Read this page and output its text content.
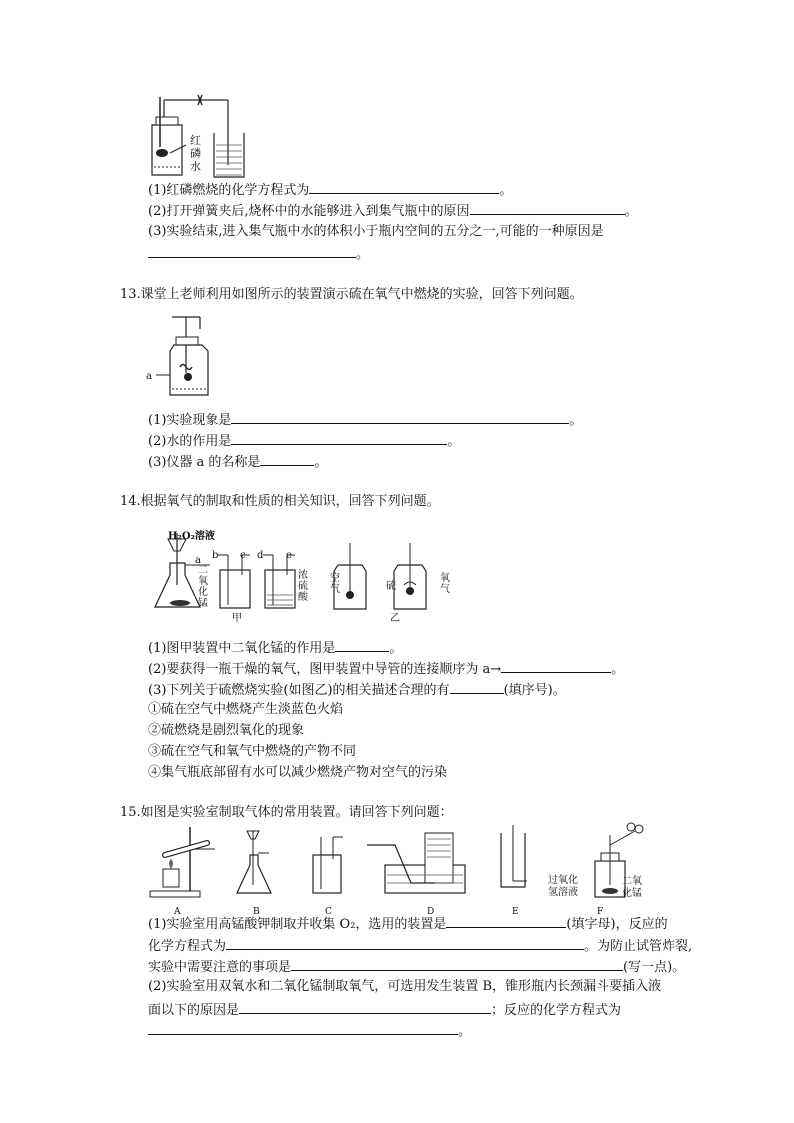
红
磷
水
(1)红磷燃烧的化学方程式为	。
(2)打开弹簧夹后,烧杯中的水能够进入到集气瓶中的原因	。
(3)实验结束,进入集气瓶中水的体积小于瓶内空间的五分之一,可能的一种原因是
。
13.课堂上老师利用如图所示的装置演示硫在氧气中燃烧的实验，回答下列问题。
a
(1)实验现象是	。
(2)水的作用是	。
(3)仪器 a 的名称是	。
14.根据氧气的制取和性质的相关知识，回答下列问题。
H₂O₂溶液
a b c d e
二
氧
化
锰
浓
硫
酸
空
气	硫
氧
气
甲	乙
(1)图甲装置中二氧化锰的作用是	。
(2)要获得一瓶干燥的氧气，图甲装置中导管的连接顺序为 a→	。
(3)下列关于硫燃烧实验(如图乙)的相关描述合理的有	(填序号)。
①硫在空气中燃烧产生淡蓝色火焰
②硫燃烧是剧烈氧化的现象
③硫在空气和氧气中燃烧的产物不同
④集气瓶底部留有水可以减少燃烧产物对空气的污染
15.如图是实验室制取气体的常用装置。请回答下列问题：
A	B	C	D	E	F
过氧化
氢溶液
二氧
化锰
(1)实验室用高锰酸钾制取并收集 O₂，选用的装置是	(填字母)，反应的
化学方程式为	。为防止试管炸裂,
实验中需要注意的事项是	(写一点)。
(2)实验室用双氧水和二氧化锰制取氧气，可选用发生装置 B，锥形瓶内长颈漏斗要插入液
面以下的原因是	；反应的化学方程式为
。
